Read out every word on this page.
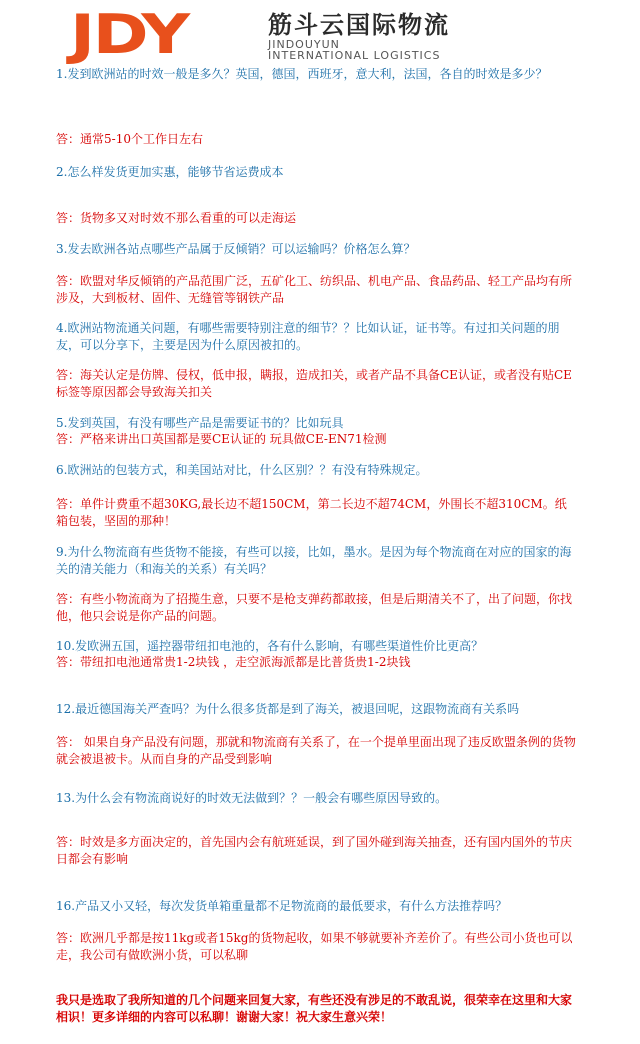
JDY	筋斗云国际物流
JINDOUYUN
INTERNATIONAL LOGISTICS

1.发到欧洲站的时效一般是多久？英国，德国，西班牙，意大利，法国，各自的时效是多少？

答：通常5-10个工作日左右

2.怎么样发货更加实惠，能够节省运费成本

答：货物多又对时效不那么看重的可以走海运

3.发去欧洲各站点哪些产品属于反倾销？可以运输吗？价格怎么算？

答：欧盟对华反倾销的产品范围广泛，五矿化工、纺织品、机电产品、食品药品、轻工产品均有所涉及，大到板材、固件、无缝管等钢铁产品

4.欧洲站物流通关问题，有哪些需要特别注意的细节？？比如认证，证书等。有过扣关问题的朋友，可以分享下，主要是因为什么原因被扣的。

答：海关认定是仿牌、侵权，低申报，瞒报，造成扣关，或者产品不具备CE认证，或者没有贴CE标签等原因都会导致海关扣关

5.发到英国，有没有哪些产品是需要证书的？比如玩具

答：严格来讲出口英国都是要CE认证的 玩具做CE-EN71检测

6.欧洲站的包装方式，和美国站对比，什么区别？？有没有特殊规定。

答：单件计费重不超30KG,最长边不超150CM，第二长边不超74CM，外围长不超310CM。纸箱包装，坚固的那种！

9.为什么物流商有些货物不能接，有些可以接，比如，墨水。是因为每个物流商在对应的国家的海关的清关能力（和海关的关系）有关吗？

答：有些小物流商为了招揽生意，只要不是枪支弹药都敢接，但是后期清关不了，出了问题，你找他，他只会说是你产品的问题。

10.发欧洲五国，遥控器带纽扣电池的，各有什么影响，有哪些渠道性价比更高？

答：带纽扣电池通常贵1-2块钱 ，走空派海派都是比普货贵1-2块钱

12.最近德国海关严查吗？为什么很多货都是到了海关，被退回呢，这跟物流商有关系吗

答： 如果自身产品没有问题，那就和物流商有关系了，在一个提单里面出现了违反欧盟条例的货物就会被退被卡。从而自身的产品受到影响

13.为什么会有物流商说好的时效无法做到？？一般会有哪些原因导致的。

答：时效是多方面决定的，首先国内会有航班延误，到了国外碰到海关抽查，还有国内国外的节庆日都会有影响

16.产品又小又轻，每次发货单箱重量都不足物流商的最低要求，有什么方法推荐吗？

答：欧洲几乎都是按11kg或者15kg的货物起收，如果不够就要补齐差价了。有些公司小货也可以走，我公司有做欧洲小货，可以私聊

我只是选取了我所知道的几个问题来回复大家，有些还没有涉足的不敢乱说，很荣幸在这里和大家相识！更多详细的内容可以私聊！谢谢大家！祝大家生意兴荣！
